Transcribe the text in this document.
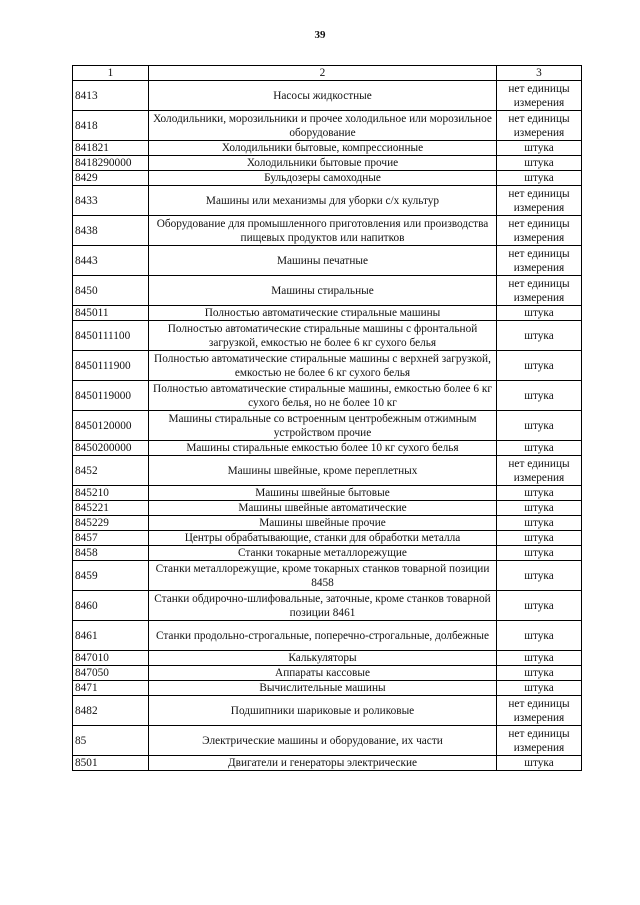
39
1	2	3
8413	Насосы жидкостные	нет единицы измерения
8418	Холодильники, морозильники и прочее холодильное или морозильное оборудование	нет единицы измерения
841821	Холодильники бытовые, компрессионные	штука
8418290000	Холодильники бытовые прочие	штука
8429	Бульдозеры самоходные	штука
8433	Машины или механизмы для уборки с/х культур	нет единицы измерения
8438	Оборудование для промышленного приготовления или производства пищевых продуктов или напитков	нет единицы измерения
8443	Машины печатные	нет единицы измерения
8450	Машины стиральные	нет единицы измерения
845011	Полностью автоматические стиральные машины	штука
8450111100	Полностью автоматические стиральные машины с фронтальной загрузкой, емкостью не более 6 кг сухого белья	штука
8450111900	Полностью автоматические стиральные машины с верхней загрузкой, емкостью не более 6 кг сухого белья	штука
8450119000	Полностью автоматические стиральные машины, емкостью более 6 кг сухого белья, но не более 10 кг	штука
8450120000	Машины стиральные со встроенным центробежным отжимным устройством прочие	штука
8450200000	Машины стиральные емкостью более 10 кг сухого белья	штука
8452	Машины швейные, кроме переплетных	нет единицы измерения
845210	Машины швейные бытовые	штука
845221	Машины швейные автоматические	штука
845229	Машины швейные прочие	штука
8457	Центры обрабатывающие, станки для обработки металла	штука
8458	Станки токарные металлорежущие	штука
8459	Станки металлорежущие, кроме токарных станков товарной позиции 8458	штука
8460	Станки обдирочно-шлифовальные, заточные, кроме станков товарной позиции 8461	штука
8461	Станки продольно-строгальные, поперечно-строгальные, долбежные	штука
847010	Калькуляторы	штука
847050	Аппараты кассовые	штука
8471	Вычислительные машины	штука
8482	Подшипники шариковые и роликовые	нет единицы измерения
85	Электрические машины и оборудование, их части	нет единицы измерения
8501	Двигатели и генераторы электрические	штука
